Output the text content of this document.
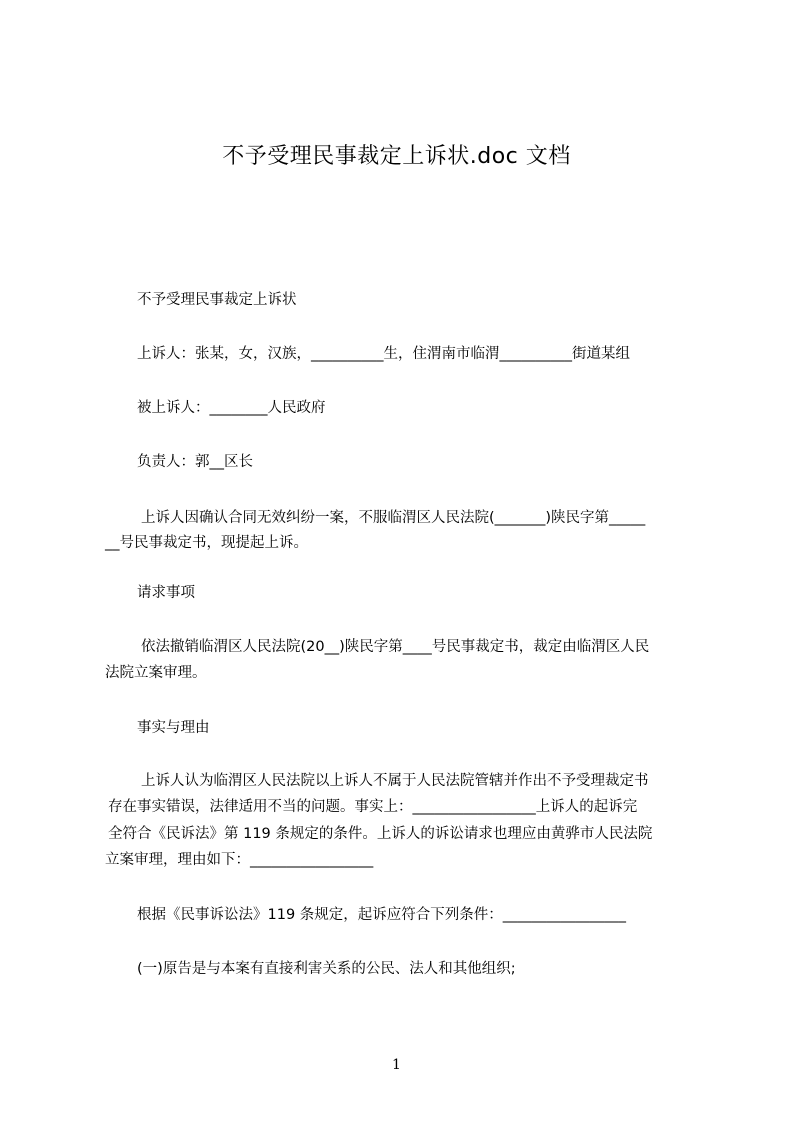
不予受理民事裁定上诉状.doc 文档
不予受理民事裁定上诉状
上诉人：张某，女，汉族，__________生，住渭南市临渭__________街道某组
被上诉人：________人民政府
负责人：郭__区长
上诉人因确认合同无效纠纷一案，不服临渭区人民法院(_______)陕民字第_____
__号民事裁定书，现提起上诉。
请求事项
依法撤销临渭区人民法院(20__)陕民字第____号民事裁定书，裁定由临渭区人民
法院立案审理。
事实与理由
上诉人认为临渭区人民法院以上诉人不属于人民法院管辖并作出不予受理裁定书
存在事实错误，法律适用不当的问题。事实上：_________________上诉人的起诉完
全符合《民诉法》第 119 条规定的条件。上诉人的诉讼请求也理应由黄骅市人民法院
立案审理，理由如下：_________________
根据《民事诉讼法》119 条规定，起诉应符合下列条件：_________________
(一)原告是与本案有直接利害关系的公民、法人和其他组织;
1
